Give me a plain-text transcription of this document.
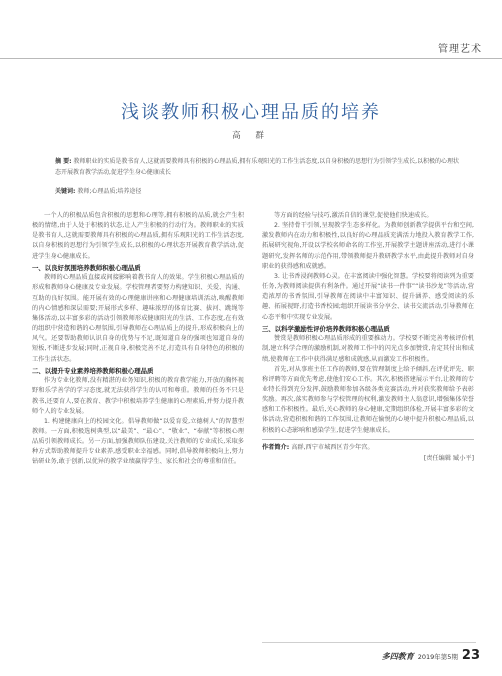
管理艺术
浅谈教师积极心理品质的培养
高 群
摘 要: 教师职业的实质是教书育人,这就需要教师具有积极的心理品质,拥有乐观阳光的工作生活态度,以自身积极的思想行为引领学生成长,以积极的心理状态开展教育教学活动,促进学生身心健康成长
关键词: 教师;心理品质;培养途径

一个人的积极品质包含积极的思想和心理等,拥有积极的品质,就会产生积极的情绪,由于人处于积极的状态,让人产生积极的行动行为。教师职业的实质是教书育人,这就需要教师具有积极的心理品质,拥有乐观阳光的工作生活态度,以自身积极的思想行为引领学生成长,以积极的心理状态开展教育教学活动,促进学生身心健康成长。

一、以良好氛围培养教师积极心理品质

教师的心理品质直接或间接影响着教书育人的效果。学生积极心理品质的形成和教师身心健康及专业发展。学校管理者要努力构建知识、关爱、沟通、互助的良好氛围。能开展有效的心理健康讲座和心理健康培训活动,唤醒教师的内心情感和深层需要;开展形式多样、趣味浓厚的体育比赛、拔河、跳绳等集体活动,以丰富多彩的活动引领教师形成健康阳光的生活、工作态度,在有效的组织中营造和谐的心理氛围,引导教师在心理品质上的提升,形成积极向上的风气。还要帮助教师认识自身的优势与不足,既知道自身的强项也知道自身的短板,不断进步发展;同时,正视自身,积极完善不足,打造具有自身特色的积极的工作生活状态。

二、以提升专业素养培养教师积极心理品质

作为专业化教师,没有精湛的业务知识,积极的教育教学能力,开放的胸怀视野和乐学善学的学习态度,就无法获得学生的认可和尊重。教师的任务不只是教书,还要育人,要在教育、教学中积极培养学生健康的心理素质,并努力提升教师个人的专业发展。

1. 构建健康向上的校园文化。倡导教师做“以爱育爱,立德树人”的智慧型教师。一方面,积极选树典型,以“最美”、“最心”、“敬业”、“奉献”等积极心理品质引领教师成长。另一方面,加强教师队伍建设,关注教师的专业成长,采取多种方式帮助教师提升专业素养,感受职业幸福感。同时,倡导教师积极向上,努力钻研业务,敢于创新,以优异的教学业绩赢得学生、家长和社会的尊重和信任。

等方面的经验与技巧,激活自信的课堂,促使他们快速成长。

2. 坚持骨干引领,呈现教学生态多样化。为教师创新教学提供平台和空间,激发教师内在动力和积极性,以良好的心理品质充满活力地投入教育教学工作,拓展研究视角,开设以学校名师命名的工作室,开展教学主题讲座活动,进行小课题研究,发挥名师的示范作用,带领教师提升教研教学水平,由此提升教师对自身职业的获得感和成就感。

3. 让书香浸润教师心灵。在丰富阅读中强化智慧。学校要将阅读列为重要任务,为教师阅读提供有利条件。通过开展“读书一件事”“读书沙龙”等活动,营造浓厚的书香氛围,引导教师在阅读中丰富知识、提升涵养、感受阅读的乐趣、拓展视野,打造书香校园;组织开展读书分享会、读书交流活动,引导教师在心态平和中实现专业发展。

三、以科学激励性评价培养教师积极心理品质

赞赏是教师积极心理品质形成的重要推动力。学校要不断完善考核评价机制,建立科学合理的激励机制,对教师工作中的闪光点多加赞赏,肯定其付出和成绩,使教师在工作中获得满足感和成就感,从而激发工作积极性。

首先,对从事班主任工作的教师,要在管理制度上给予倾斜,在评优评先、职称评聘等方面优先考虑,使他们安心工作。其次,积极搭建展示平台,让教师的专业特长得到充分发挥,鼓励教师参加各级各类竞赛活动,并对获奖教师给予表彰奖励。再次,落实教师参与学校管理的权利,激发教师主人翁意识,增强集体荣誉感和工作积极性。最后,关心教师的身心健康,定期组织体检,开展丰富多彩的文体活动,营造积极和谐的工作氛围,让教师在愉悦的心境中提升积极心理品质,以积极的心态影响和感染学生,促进学生健康成长。

作者简介: 高群,西宁市城西区青少年宫。

[责任编辑 臧小平]

多四教育 2019年第5期 23
